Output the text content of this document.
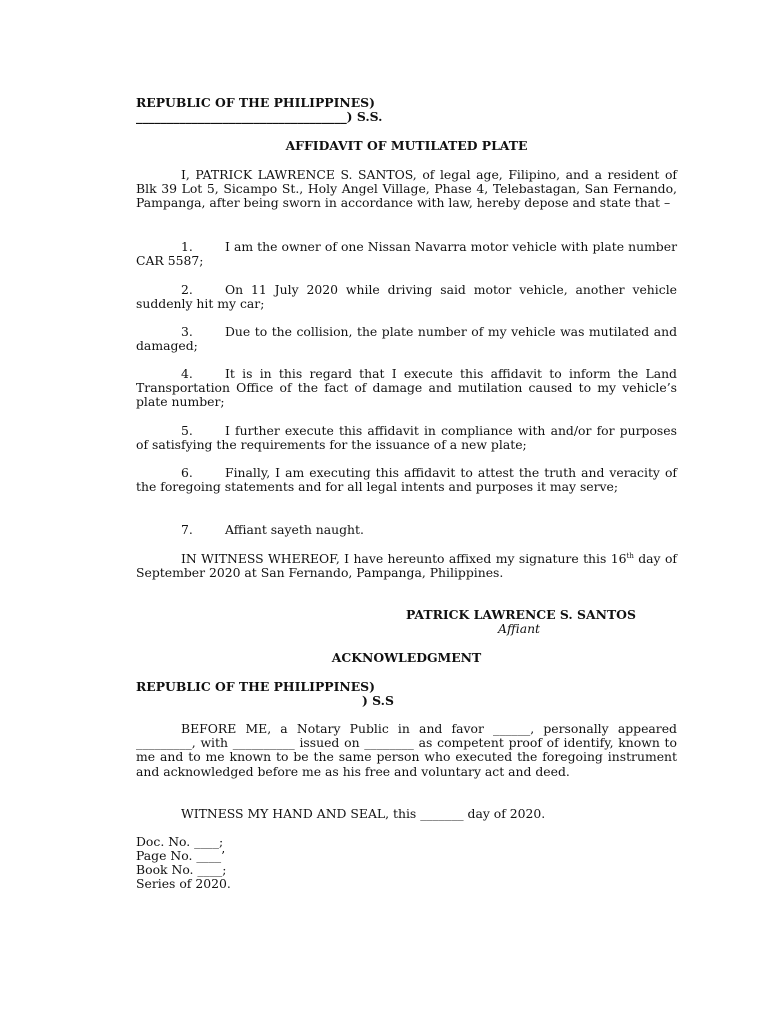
REPUBLIC OF THE PHILIPPINES)
__________________________________) S.S.
AFFIDAVIT OF MUTILATED PLATE
I, PATRICK LAWRENCE S. SANTOS, of legal age, Filipino, and a resident of Blk 39 Lot 5, Sicampo St., Holy Angel Village, Phase 4, Telebastagan, San Fernando, Pampanga, after being sworn in accordance with law, hereby depose and state that –
1.	I am the owner of one Nissan Navarra motor vehicle with plate number CAR 5587;
2.	On 11 July 2020 while driving said motor vehicle, another vehicle suddenly hit my car;
3.	Due to the collision, the plate number of my vehicle was mutilated and damaged;
4.	It is in this regard that I execute this affidavit to inform the Land Transportation Office of the fact of damage and mutilation caused to my vehicle’s plate number;
5.	I further execute this affidavit in compliance with and/or for purposes of satisfying the requirements for the issuance of a new plate;
6.	Finally, I am executing this affidavit to attest the truth and veracity of the foregoing statements and for all legal intents and purposes it may serve;
7.	Affiant sayeth naught.
IN WITNESS WHEREOF, I have hereunto affixed my signature this 16th day of September 2020 at San Fernando, Pampanga, Philippines.
PATRICK LAWRENCE S. SANTOS
Affiant
ACKNOWLEDGMENT
REPUBLIC OF THE PHILIPPINES)
) S.S
BEFORE ME, a Notary Public in and favor ______, personally appeared _________, with __________ issued on ________ as competent proof of identify, known to me and to me known to be the same person who executed the foregoing instrument and acknowledged before me as his free and voluntary act and deed.
WITNESS MY HAND AND SEAL, this _______ day of 2020.
Doc. No. ____;
Page No. ____’
Book No. ____;
Series of 2020.
